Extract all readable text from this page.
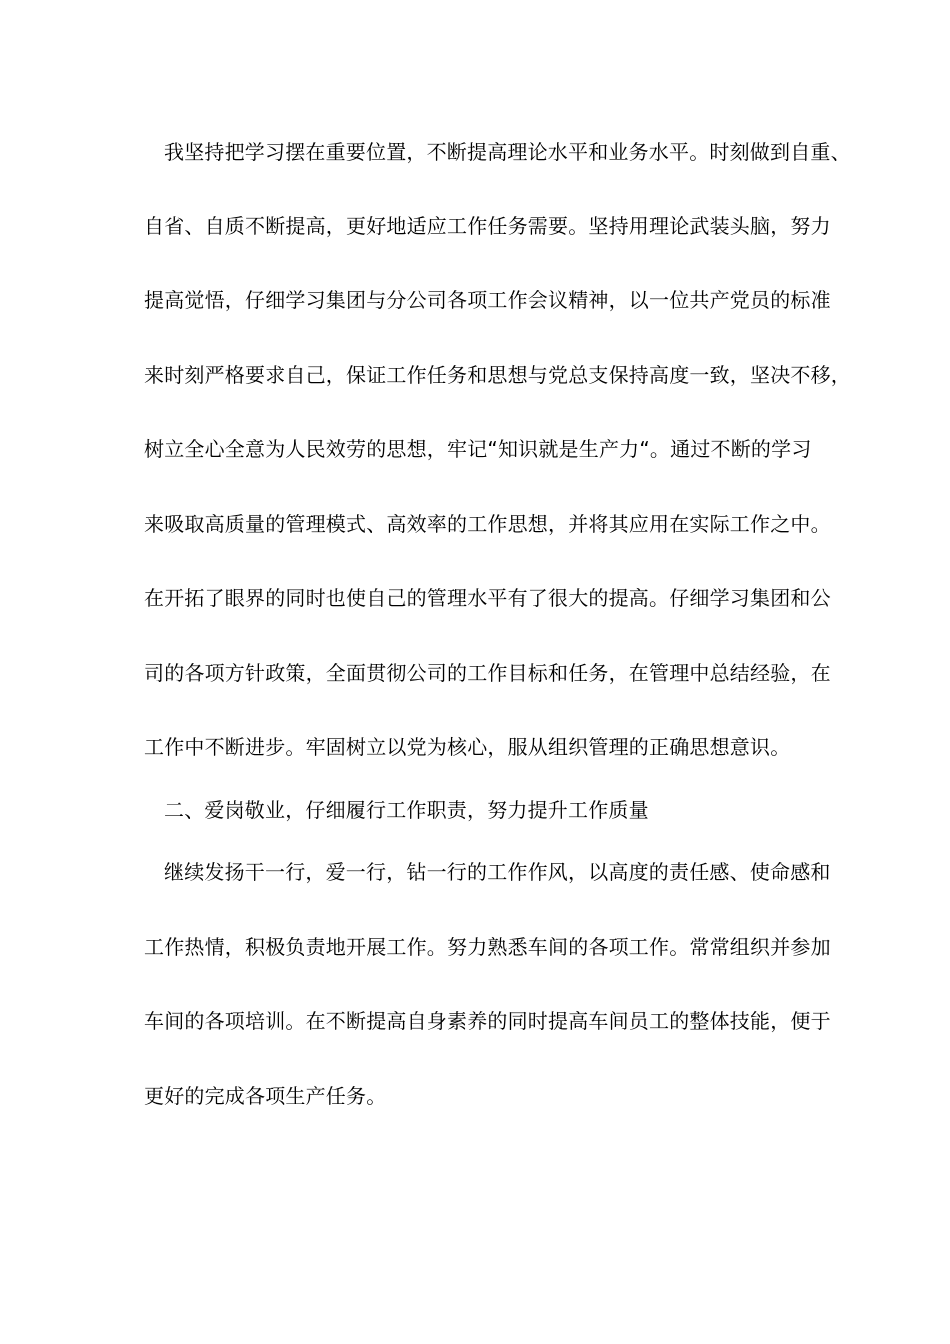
我坚持把学习摆在重要位置，不断提高理论水平和业务水平。时刻做到自重、
自省、自质不断提高，更好地适应工作任务需要。坚持用理论武装头脑，努力
提高觉悟，仔细学习集团与分公司各项工作会议精神，以一位共产党员的标准
来时刻严格要求自己，保证工作任务和思想与党总支保持高度一致，坚决不移，
树立全心全意为人民效劳的思想，牢记“知识就是生产力“。通过不断的学习
来吸取高质量的管理模式、高效率的工作思想，并将其应用在实际工作之中。
在开拓了眼界的同时也使自己的管理水平有了很大的提高。仔细学习集团和公
司的各项方针政策，全面贯彻公司的工作目标和任务，在管理中总结经验，在
工作中不断进步。牢固树立以党为核心，服从组织管理的正确思想意识。
二、爱岗敬业，仔细履行工作职责，努力提升工作质量
继续发扬干一行，爱一行，钻一行的工作作风，以高度的责任感、使命感和
工作热情，积极负责地开展工作。努力熟悉车间的各项工作。常常组织并参加
车间的各项培训。在不断提高自身素养的同时提高车间员工的整体技能，便于
更好的完成各项生产任务。
